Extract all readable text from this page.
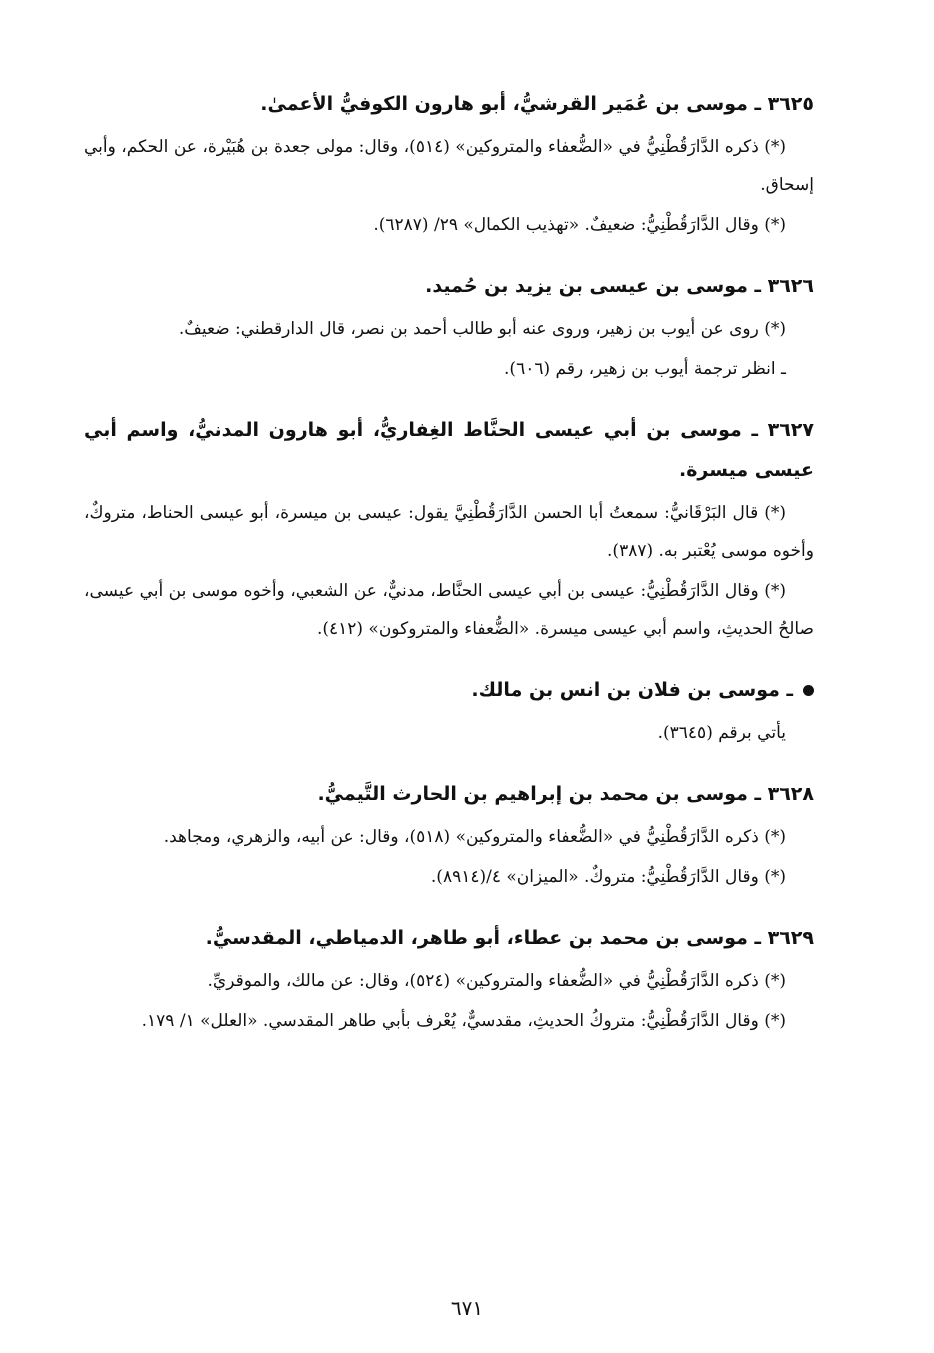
٣٦٢٥ ـ موسى بن عُمَير القرشيُّ، أبو هارون الكوفيُّ الأعمىٰ.

(*) ذكره الدَّارَقُطْنِيُّ في «الضُّعفاء والمتروكين» (٥١٤)، وقال: مولى جعدة بن هُبَيْرة، عن الحكم، وأبي إسحاق.

(*) وقال الدَّارَقُطْنِيُّ: ضعيفٌ. «تهذيب الكمال» ٢٩/ (٦٢٨٧).

٣٦٢٦ ـ موسى بن عيسى بن يزيد بن حُميد.

(*) روى عن أيوب بن زهير، وروى عنه أبو طالب أحمد بن نصر، قال الدارقطني: ضعيفٌ.

ـ انظر ترجمة أيوب بن زهير، رقم (٦٠٦).

٣٦٢٧ ـ موسى بن أبي عيسى الحنَّاط الغِفاريُّ، أبو هارون المدنيُّ، واسم أبي عيسى ميسرة.

(*) قال البَرْقَانيُّ: سمعتُ أبا الحسن الدَّارَقُطْنِيَّ يقول: عيسى بن ميسرة، أبو عيسى الحناط، متروكٌ، وأخوه موسى يُعْتبر به. (٣٨٧).

(*) وقال الدَّارَقُطْنِيُّ: عيسى بن أبي عيسى الحنَّاط، مدنيٌّ، عن الشعبي، وأخوه موسى بن أبي عيسى، صالحُ الحديثِ، واسم أبي عيسى ميسرة. «الضُّعفاء والمتروكون» (٤١٢).

ـ موسى بن فلان بن انس بن مالك.

يأتي برقم (٣٦٤٥).

٣٦٢٨ ـ موسى بن محمد بن إبراهيم بن الحارث التَّيميُّ.

(*) ذكره الدَّارَقُطْنِيُّ في «الضُّعفاء والمتروكين» (٥١٨)، وقال: عن أبيه، والزهري، ومجاهد.

(*) وقال الدَّارَقُطْنِيُّ: متروكٌ. «الميزان» ٤/(٨٩١٤).

٣٦٢٩ ـ موسى بن محمد بن عطاء، أبو طاهر، الدمياطي، المقدسيُّ.

(*) ذكره الدَّارَقُطْنِيُّ في «الضُّعفاء والمتروكين» (٥٢٤)، وقال: عن مالك، والموقريِّ.

(*) وقال الدَّارَقُطْنِيُّ: متروكُ الحديثِ، مقدسيٌّ، يُعْرف بأبي طاهر المقدسي. «العلل» ١/ ١٧٩.

٦٧١
